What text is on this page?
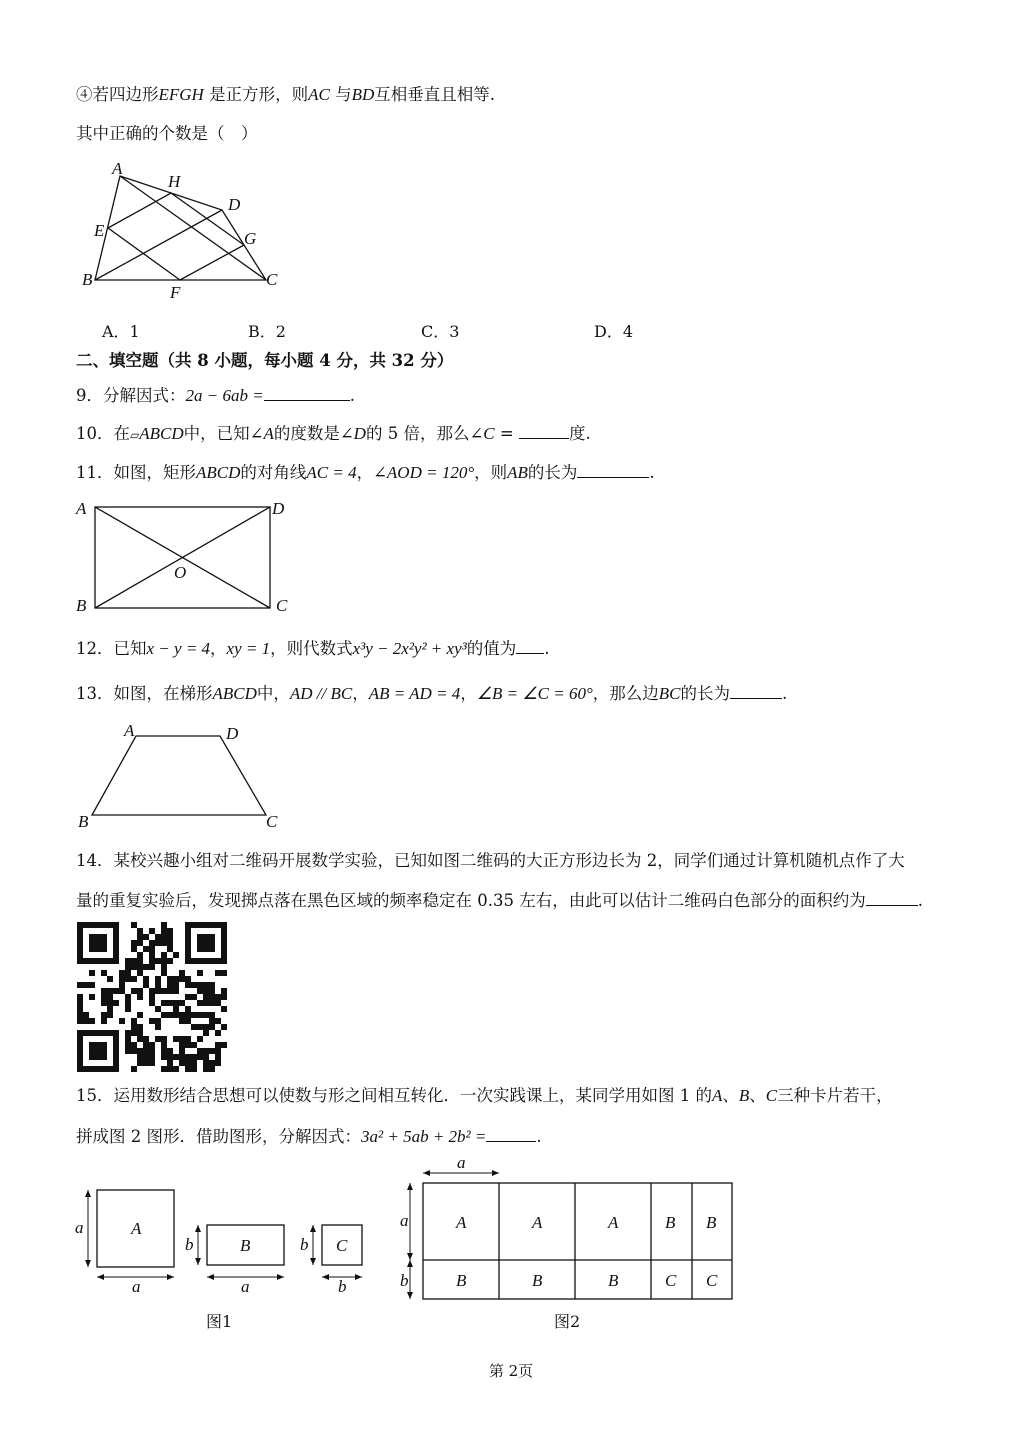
④若四边形EFGH 是正方形，则AC 与BD互相垂直且相等.
其中正确的个数是（　）
A
H
D
E	G
B
F
C
A．1	B．2	C．3	D．4
二、填空题（共 8 小题，每小题 4 分，共 32 分）
9．分解因式：2a − 6ab =	.
10．在▱ABCD中，已知∠A的度数是∠D的 5 倍，那么∠C =	度.
11．如图，矩形ABCD的对角线AC = 4，∠AOD = 120°，则AB的长为	.
A	D
O
B	C
12．已知x − y = 4，xy = 1，则代数式x³y − 2x²y² + xy³的值为 .
13．如图，在梯形ABCD中，AD // BC，AB = AD = 4，∠B = ∠C = 60°，那么边BC的长为	.
A	D
B	C
14．某校兴趣小组对二维码开展数学实验，已知如图二维码的大正方形边长为 2，同学们通过计算机随机点作了大
量的重复实验后，发现掷点落在黑色区域的频率稳定在 0.35 左右，由此可以估计二维码白色部分的面积约为	.
15．运用数形结合思想可以使数与形之间相互转化．一次实践课上，某同学用如图 1 的A、B、C三种卡片若干，
拼成图 2 图形．借助图形，分解因式：3a² + 5ab + 2b² =	.
A
B	C
a
a
b
a
b
b
图1
a
a
b
A	A	A	B B
B	B	B	C C
图2
第 2页
